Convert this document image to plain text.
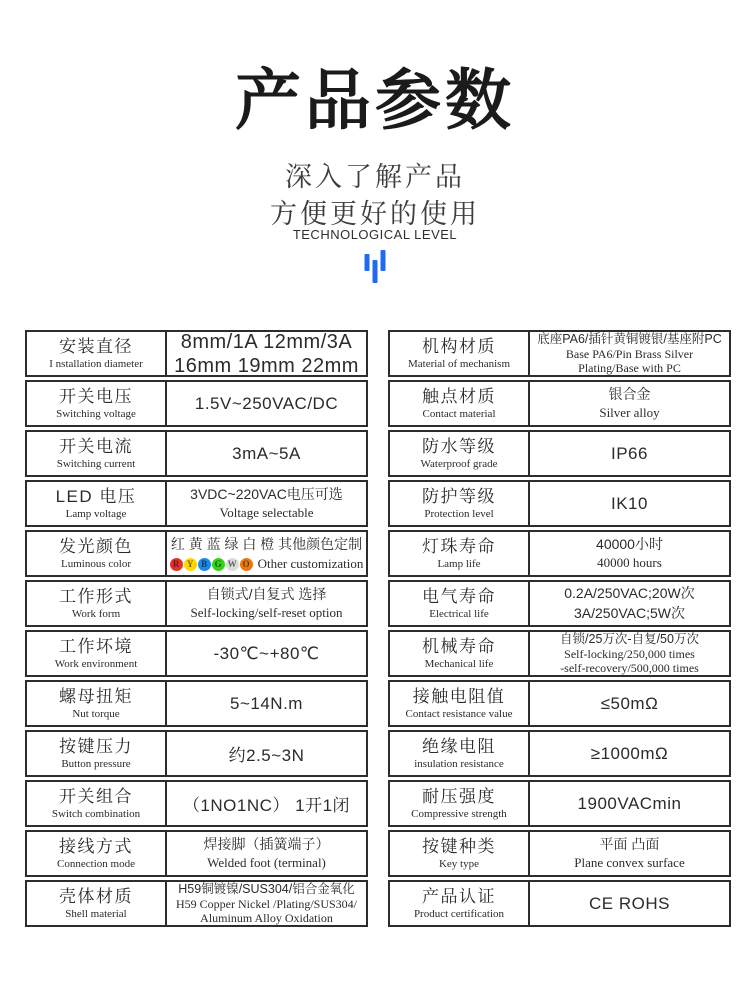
产品参数
深入了解产品
方便更好的使用
TECHNOLOGICAL LEVEL
安装直径
I nstallation diameter
8mm/1A 12mm/3A
16mm 19mm 22mm
开关电压
Switching voltage
1.5V~250VAC/DC
开关电流
Switching current
3mA~5A
LED 电压
Lamp voltage
3VDC~220VAC电压可选
Voltage selectable
发光颜色
Luminous color
红 黄 蓝 绿 白 橙 其他颜色定制
R Y B G W O Other customization
工作形式
Work form
自锁式/自复式 选择
Self-locking/self-reset option
工作坏境
Work environment
-30℃~+80℃
螺母扭矩
Nut torque
5~14N.m
按键压力
Button pressure	约2.5~3N
开关组合
Switch combination	（1NO1NC） 1开1闭
接线方式
Connection mode
焊接脚（插簧端子）
Welded foot (terminal)
壳体材质
Shell material
H59铜镀镍/SUS304/铝合金氧化
H59 Copper Nickel /Plating/SUS304/
Aluminum Alloy Oxidation
机构材质
Material of mechanism
底座PA6/插针黄铜镀银/基座附PC
Base PA6/Pin Brass Silver
Plating/Base with PC
触点材质
Contact material
银合金
Silver alloy
防水等级
Waterproof grade
IP66
防护等级
Protection level
IK10
灯珠寿命
Lamp life
40000小时
40000 hours
电气寿命
Electrical life
0.2A/250VAC;20W次
3A/250VAC;5W次
机械寿命
Mechanical life
自锁/25万次-自复/50万次
Self-locking/250,000 times
-self-recovery/500,000 times
接触电阻值
Contact resistance value
≤50mΩ
绝缘电阻
insulation resistance
≥1000mΩ
耐压强度
Compressive strength
1900VACmin
按键种类
Key type
平面 凸面
Plane convex surface
产品认证
Product certification
CE ROHS
